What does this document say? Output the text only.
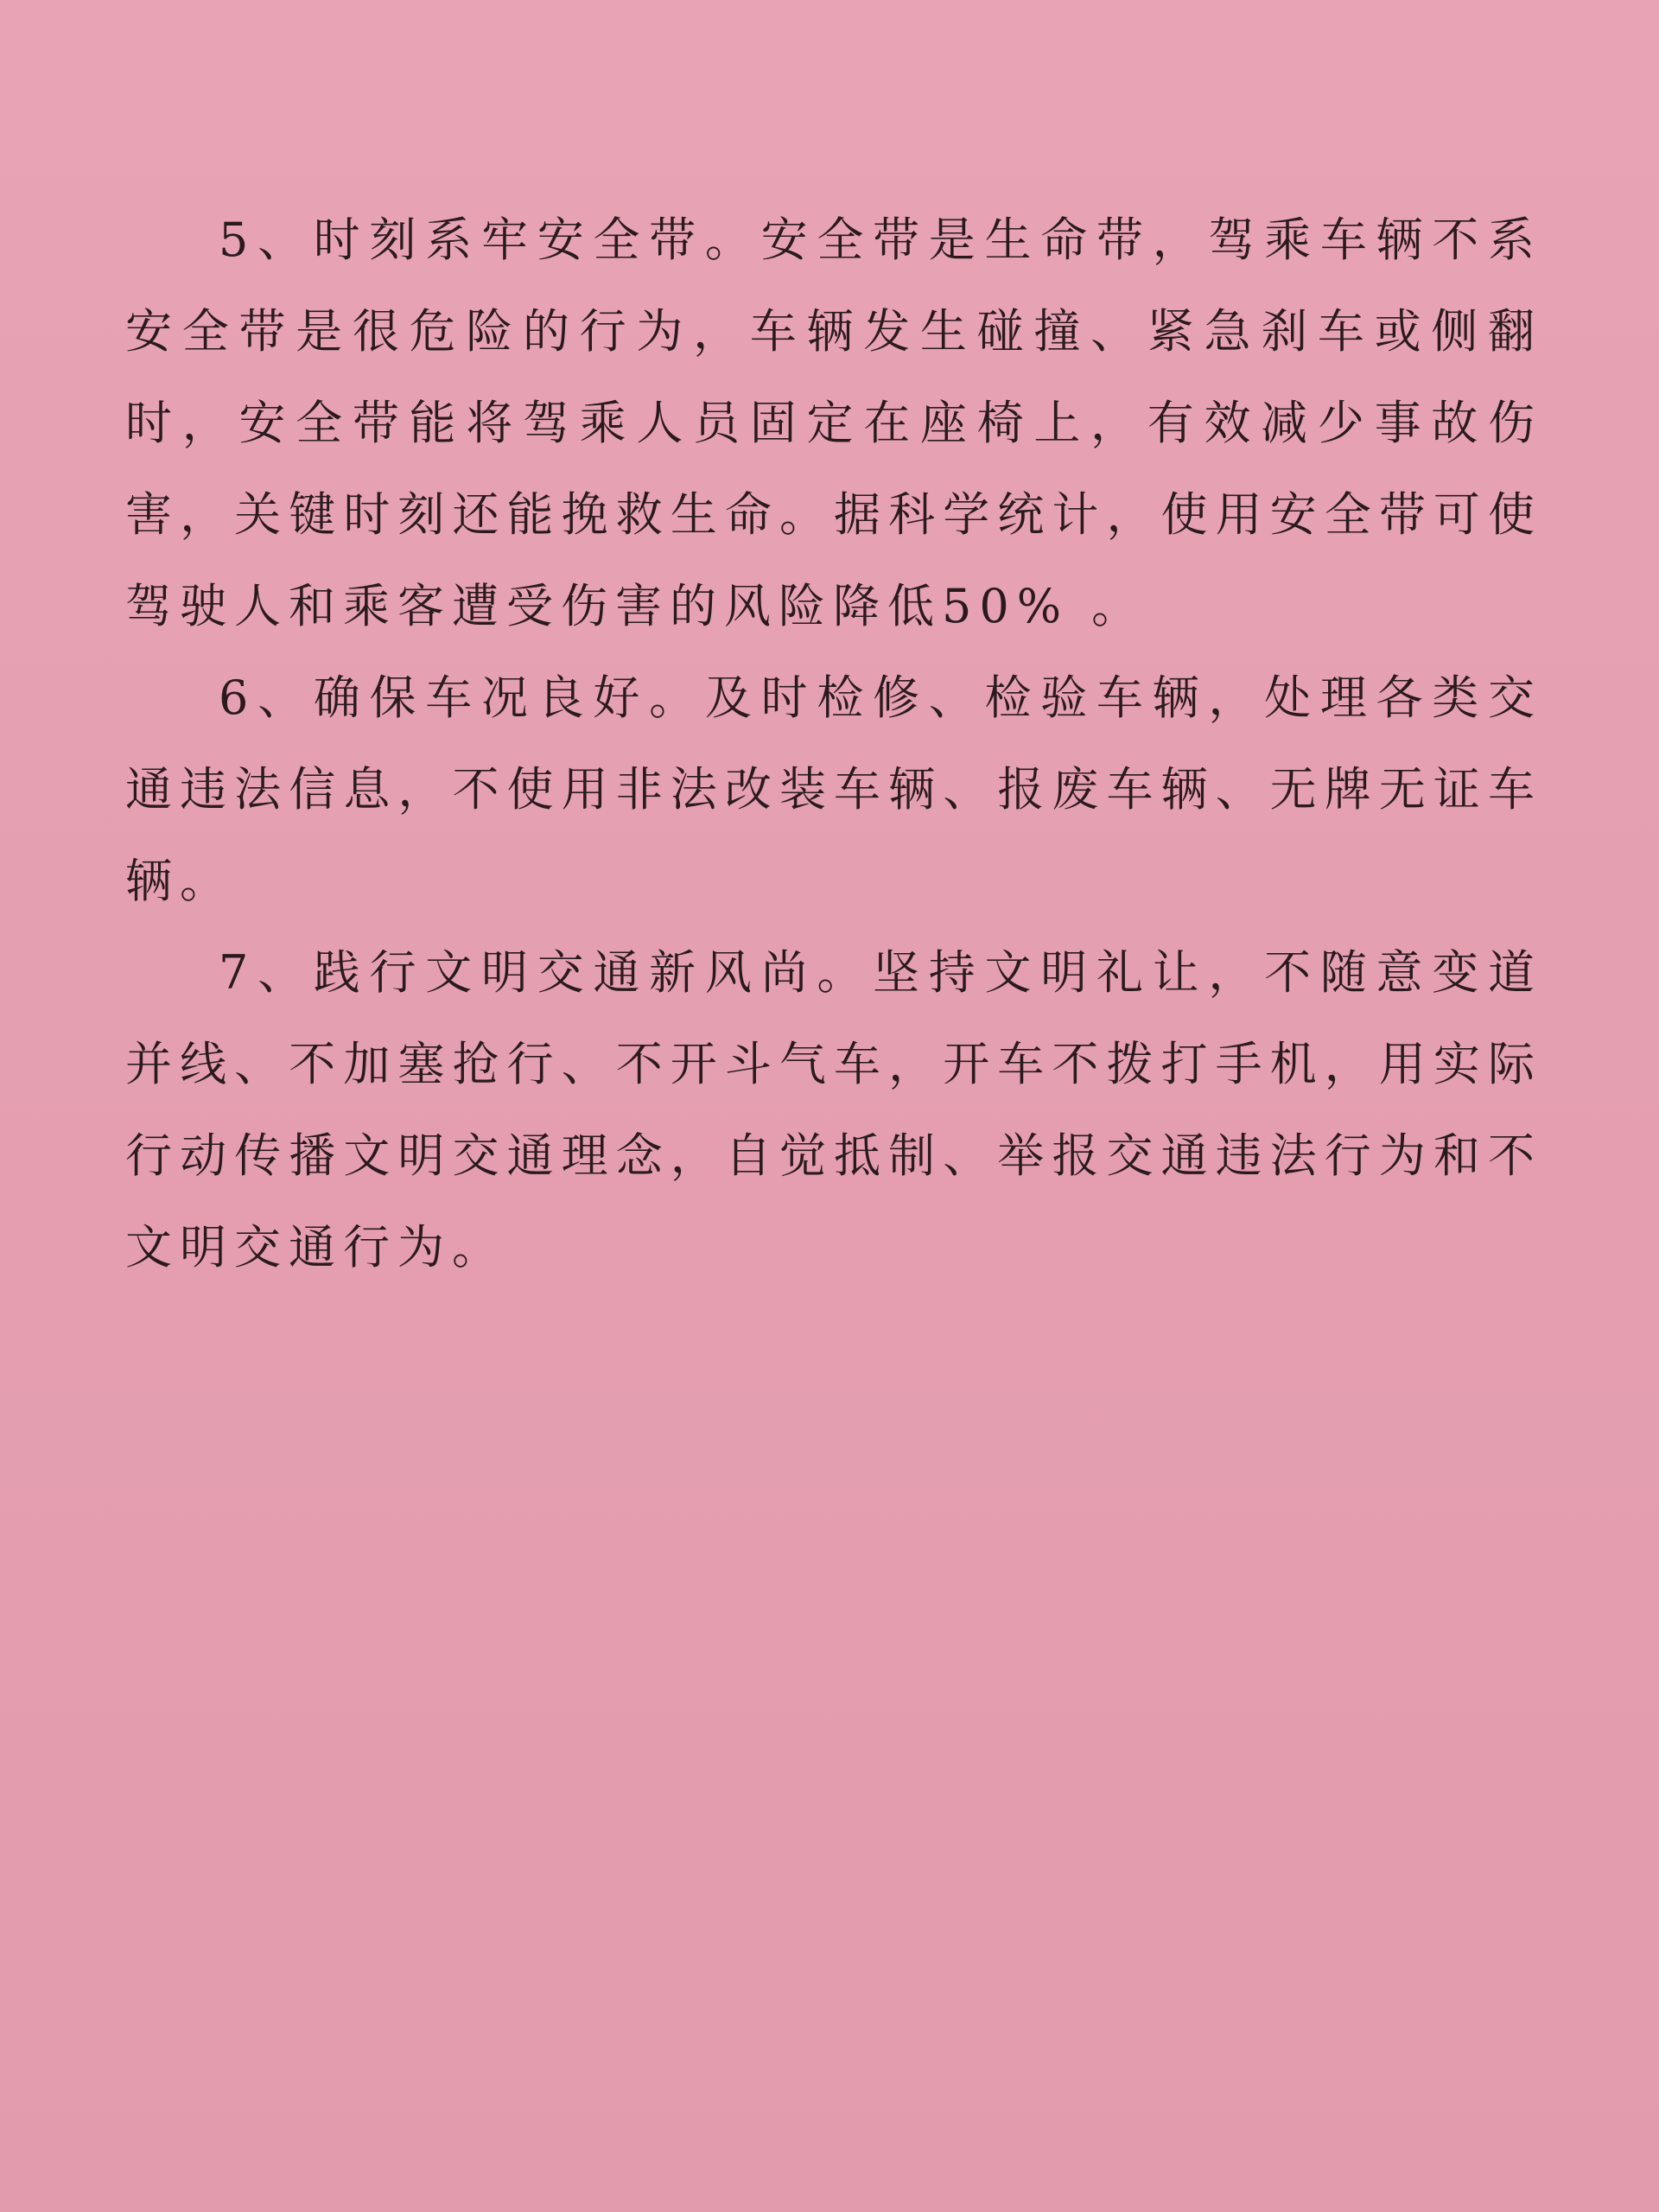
5、时刻系牢安全带。安全带是生命带，驾乘车辆不系安全带是很危险的行为，车辆发生碰撞、紧急刹车或侧翻时，安全带能将驾乘人员固定在座椅上，有效减少事故伤害，关键时刻还能挽救生命。据科学统计，使用安全带可使驾驶人和乘客遭受伤害的风险降低50% 。

6、确保车况良好。及时检修、检验车辆，处理各类交通违法信息，不使用非法改装车辆、报废车辆、无牌无证车辆。

7、践行文明交通新风尚。坚持文明礼让，不随意变道并线、不加塞抢行、不开斗气车，开车不拨打手机，用实际行动传播文明交通理念，自觉抵制、举报交通违法行为和不文明交通行为。
